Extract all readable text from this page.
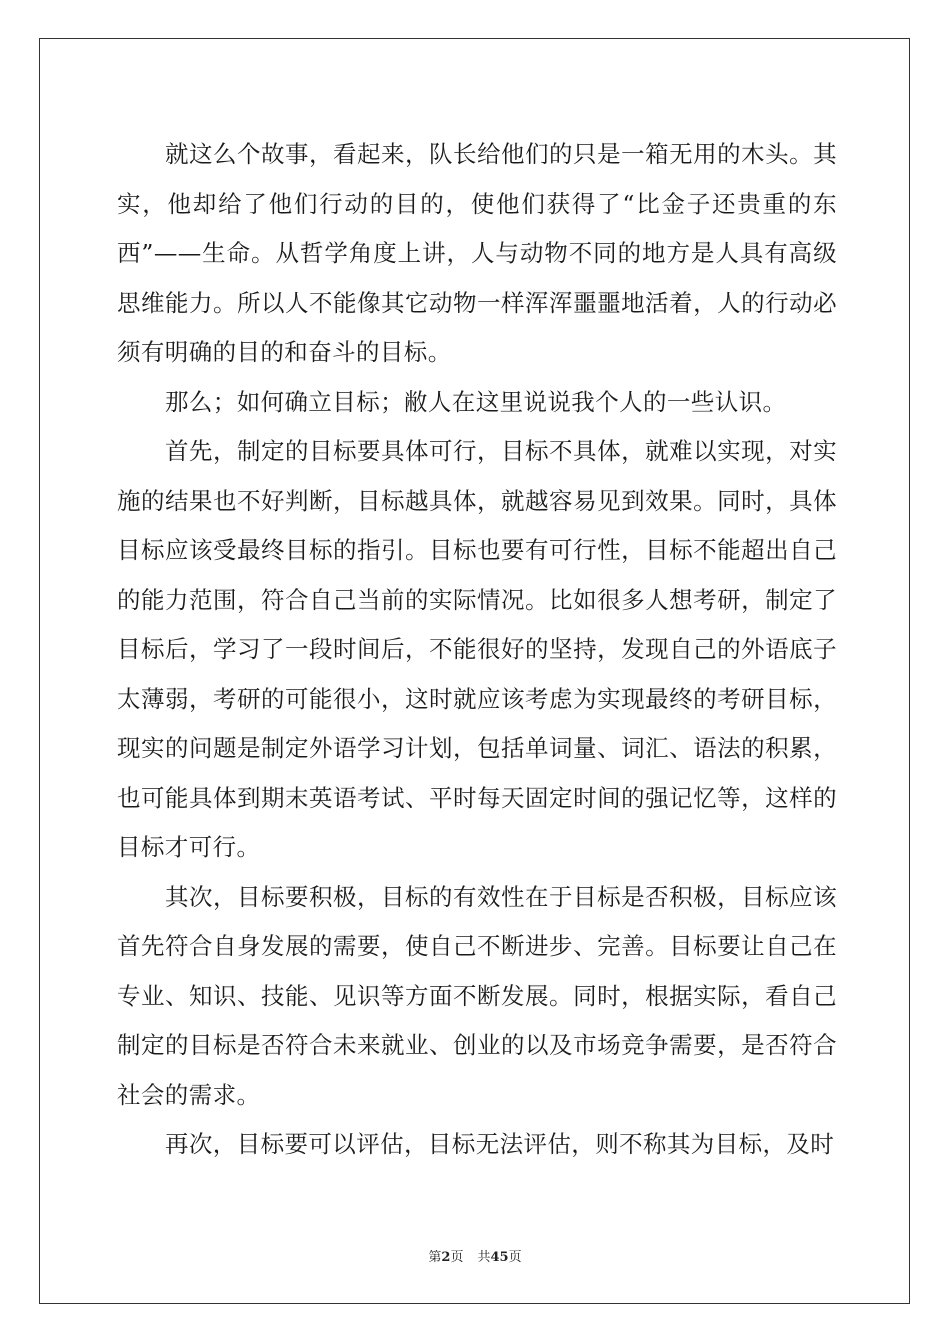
就这么个故事，看起来，队长给他们的只是一箱无用的木头。其实，他却给了他们行动的目的，使他们获得了“比金子还贵重的东西”——生命。从哲学角度上讲，人与动物不同的地方是人具有高级思维能力。所以人不能像其它动物一样浑浑噩噩地活着，人的行动必须有明确的目的和奋斗的目标。

那么；如何确立目标；敝人在这里说说我个人的一些认识。

首先，制定的目标要具体可行，目标不具体，就难以实现，对实施的结果也不好判断，目标越具体，就越容易见到效果。同时，具体目标应该受最终目标的指引。目标也要有可行性，目标不能超出自己的能力范围，符合自己当前的实际情况。比如很多人想考研，制定了目标后，学习了一段时间后，不能很好的坚持，发现自己的外语底子太薄弱，考研的可能很小，这时就应该考虑为实现最终的考研目标，现实的问题是制定外语学习计划，包括单词量、词汇、语法的积累，也可能具体到期末英语考试、平时每天固定时间的强记忆等，这样的目标才可行。

其次，目标要积极，目标的有效性在于目标是否积极，目标应该首先符合自身发展的需要，使自己不断进步、完善。目标要让自己在专业、知识、技能、见识等方面不断发展。同时，根据实际，看自己制定的目标是否符合未来就业、创业的以及市场竞争需要，是否符合社会的需求。

再次，目标要可以评估，目标无法评估，则不称其为目标，及时

第2页 共45页
